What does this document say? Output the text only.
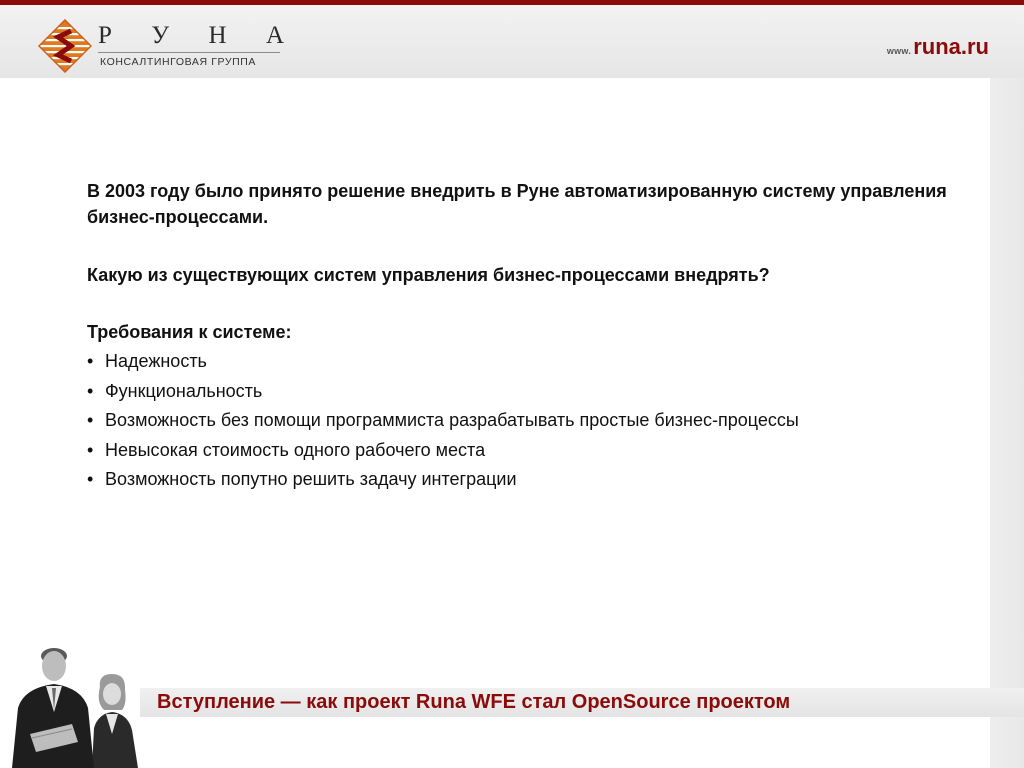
Р У Н А
КОНСАЛТИНГОВАЯ ГРУППА
www.runa.ru

В 2003 году было принято решение внедрить в Руне автоматизированную систему управления бизнес-процессами.

Какую из существующих систем управления бизнес-процессами внедрять?

Требования к системе:

• Надежность
• Функциональность
• Возможность без помощи программиста разрабатывать простые бизнес-процессы
• Невысокая стоимость одного рабочего места
• Возможность попутно решить задачу интеграции
Вступление — как проект Runa WFE стал OpenSource проектом
